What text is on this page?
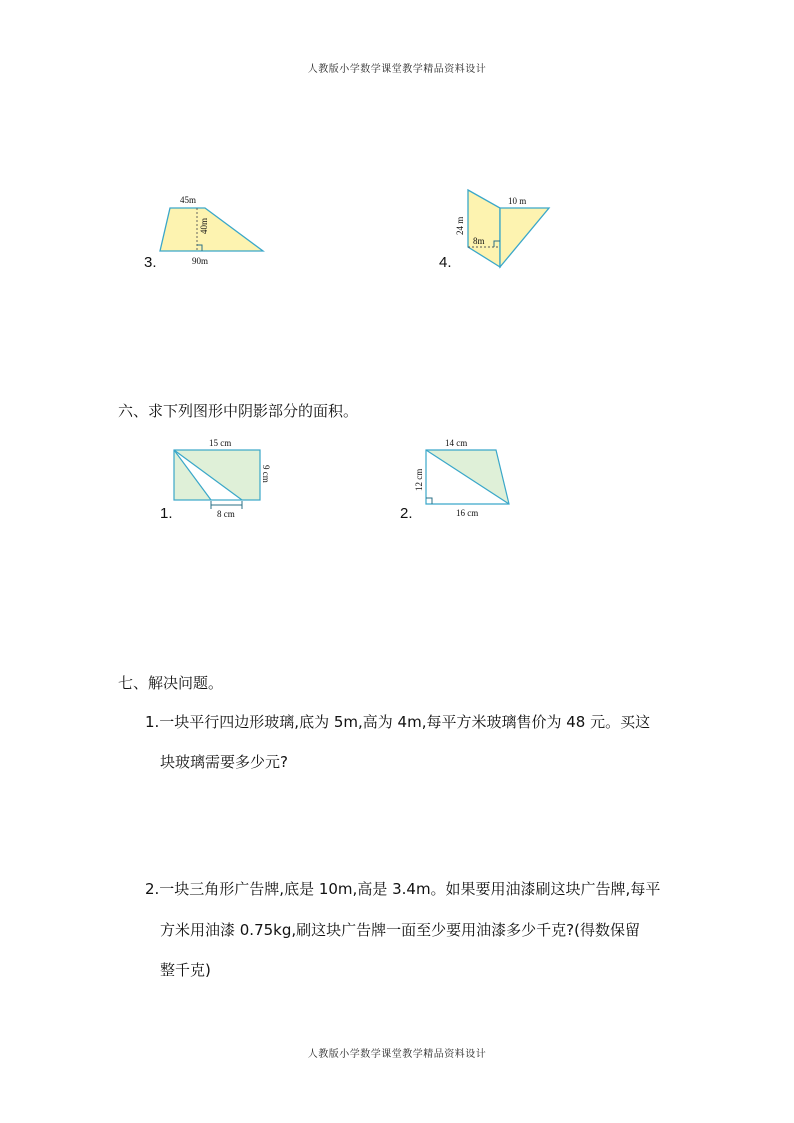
人教版小学数学课堂教学精品资料设计
3.
45m
40m
90m	4.
10 m
24 m
8m
六、求下列图形中阴影部分的面积。
1.
15 cm
9 cm
8 cm	2.
14 cm
12 cm
16 cm
七、解决问题。
1.一块平行四边形玻璃,底为 5m,高为 4m,每平方米玻璃售价为 48 元。买这
块玻璃需要多少元?
2.一块三角形广告牌,底是 10m,高是 3.4m。如果要用油漆刷这块广告牌,每平
方米用油漆 0.75kg,刷这块广告牌一面至少要用油漆多少千克?(得数保留
整千克)
人教版小学数学课堂教学精品资料设计
